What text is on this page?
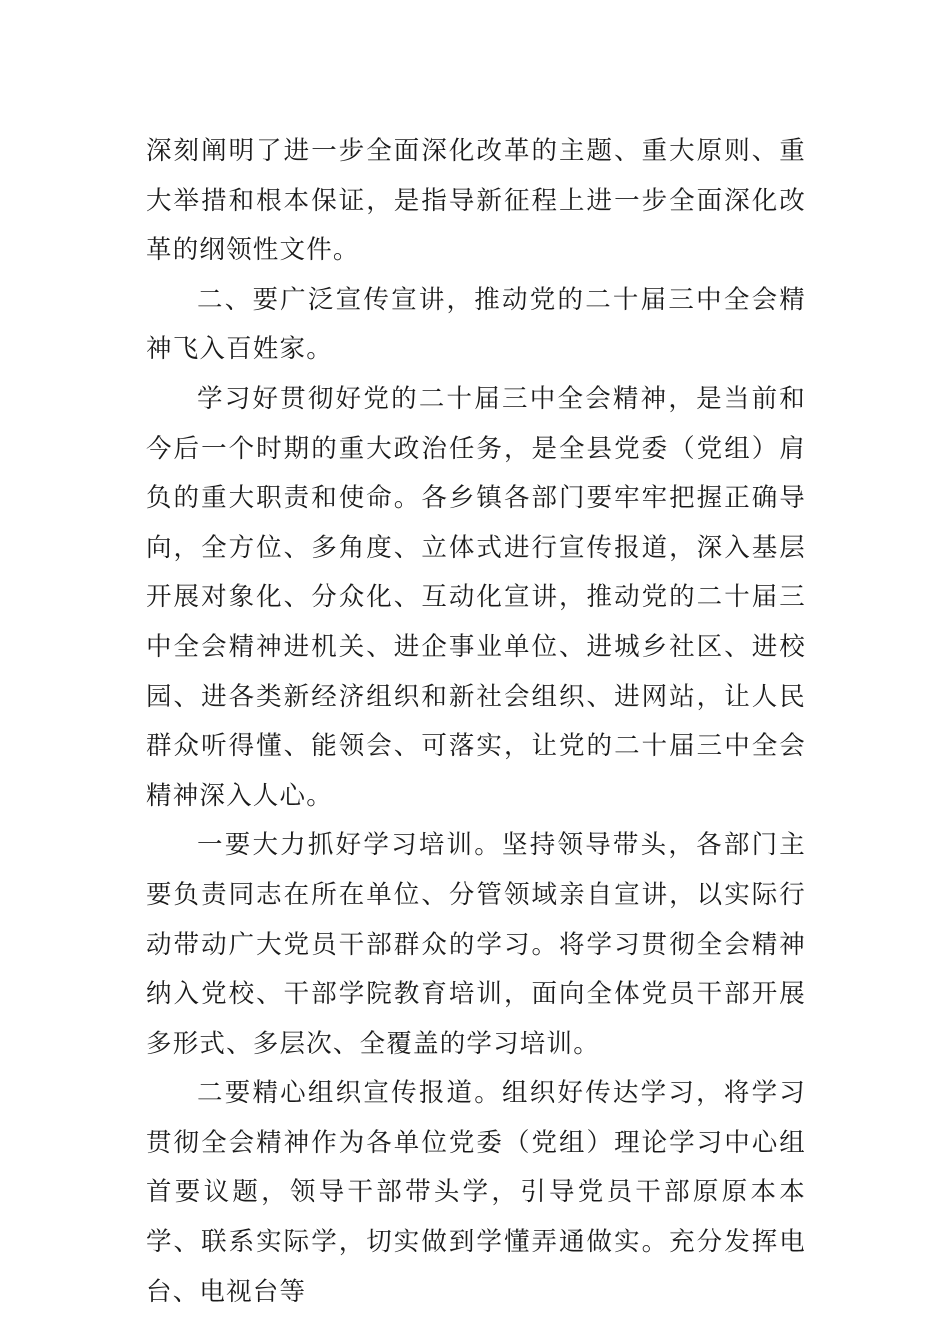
深刻阐明了进一步全面深化改革的主题、重大原则、重大举措和根本保证，是指导新征程上进一步全面深化改革的纲领性文件。

二、要广泛宣传宣讲，推动党的二十届三中全会精神飞入百姓家。

学习好贯彻好党的二十届三中全会精神，是当前和今后一个时期的重大政治任务，是全县党委（党组）肩负的重大职责和使命。各乡镇各部门要牢牢把握正确导向，全方位、多角度、立体式进行宣传报道，深入基层开展对象化、分众化、互动化宣讲，推动党的二十届三中全会精神进机关、进企事业单位、进城乡社区、进校园、进各类新经济组织和新社会组织、进网站，让人民群众听得懂、能领会、可落实，让党的二十届三中全会精神深入人心。

一要大力抓好学习培训。坚持领导带头，各部门主要负责同志在所在单位、分管领域亲自宣讲，以实际行动带动广大党员干部群众的学习。将学习贯彻全会精神纳入党校、干部学院教育培训，面向全体党员干部开展多形式、多层次、全覆盖的学习培训。

二要精心组织宣传报道。组织好传达学习，将学习贯彻全会精神作为各单位党委（党组）理论学习中心组首要议题，领导干部带头学，引导党员干部原原本本学、联系实际学，切实做到学懂弄通做实。充分发挥电台、电视台等
